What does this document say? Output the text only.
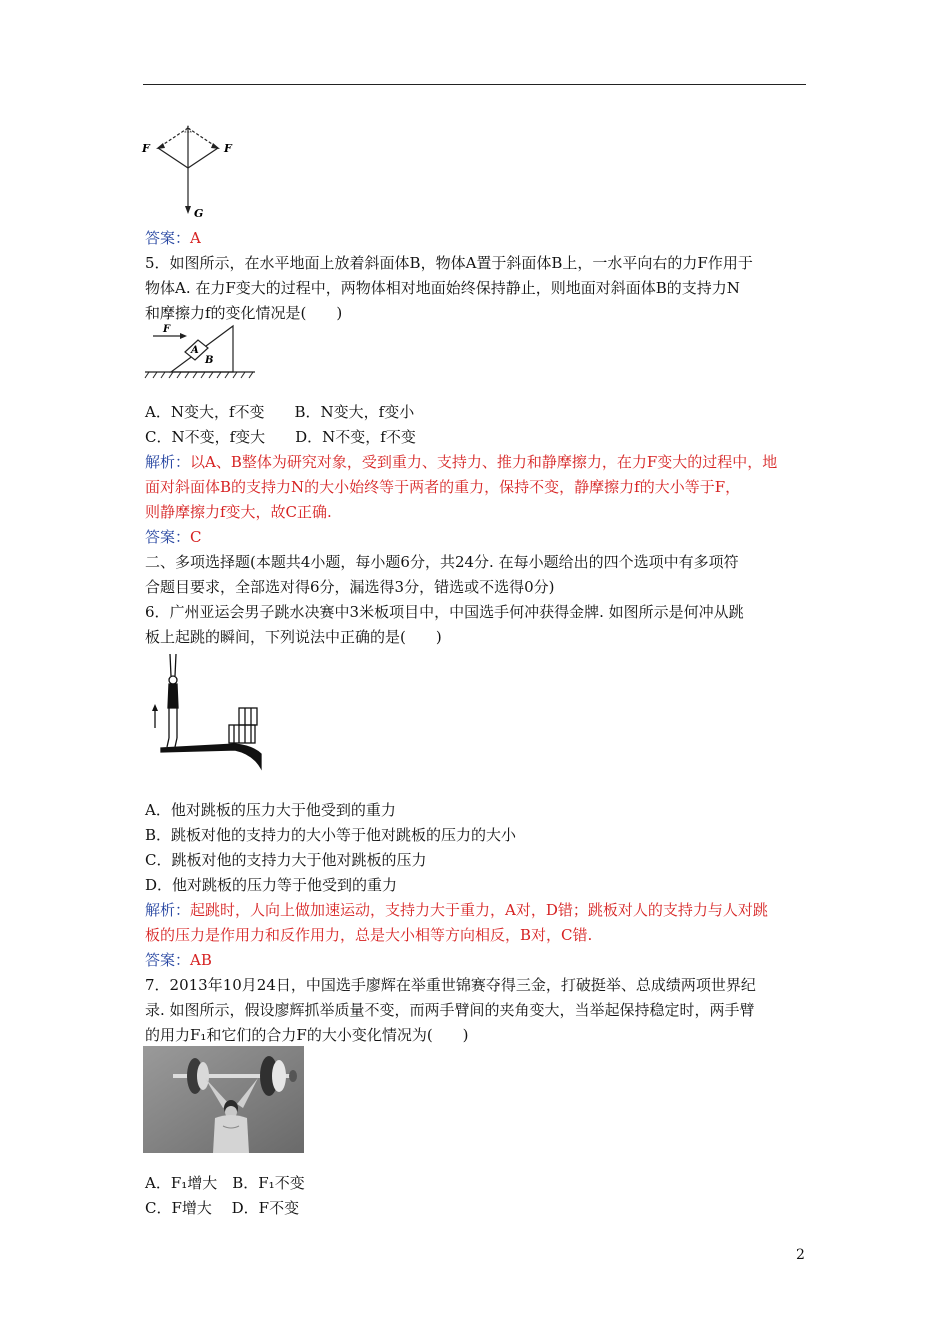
F	F
G
答案：A
5．如图所示，在水平地面上放着斜面体B，物体A置于斜面体B上，一水平向右的力F作用于
物体A. 在力F变大的过程中，两物体相对地面始终保持静止，则地面对斜面体B的支持力N
和摩擦力f的变化情况是(　　)
F
A
B
A．N变大，f不变　　B．N变大，f变小
C．N不变，f变大　　D．N不变，f不变
解析：以A、B整体为研究对象，受到重力、支持力、推力和静摩擦力，在力F变大的过程中，地
面对斜面体B的支持力N的大小始终等于两者的重力，保持不变，静摩擦力f的大小等于F，
则静摩擦力f变大，故C正确.
答案：C
二、多项选择题(本题共4小题，每小题6分，共24分. 在每小题给出的四个选项中有多项符
合题目要求，全部选对得6分，漏选得3分，错选或不选得0分)
6．广州亚运会男子跳水决赛中3米板项目中，中国选手何冲获得金牌. 如图所示是何冲从跳
板上起跳的瞬间，下列说法中正确的是(　　)
A．他对跳板的压力大于他受到的重力
B．跳板对他的支持力的大小等于他对跳板的压力的大小
C．跳板对他的支持力大于他对跳板的压力
D．他对跳板的压力等于他受到的重力
解析：起跳时，人向上做加速运动，支持力大于重力，A对，D错；跳板对人的支持力与人对跳
板的压力是作用力和反作用力，总是大小相等方向相反，B对，C错.
答案：AB
7．2013年10月24日，中国选手廖辉在举重世锦赛夺得三金，打破挺举、总成绩两项世界纪
录. 如图所示，假设廖辉抓举质量不变，而两手臂间的夹角变大，当举起保持稳定时，两手臂
的用力F₁和它们的合力F的大小变化情况为(　　)
A．F₁增大　B．F₁不变
C．F增大　 D．F不变
2
